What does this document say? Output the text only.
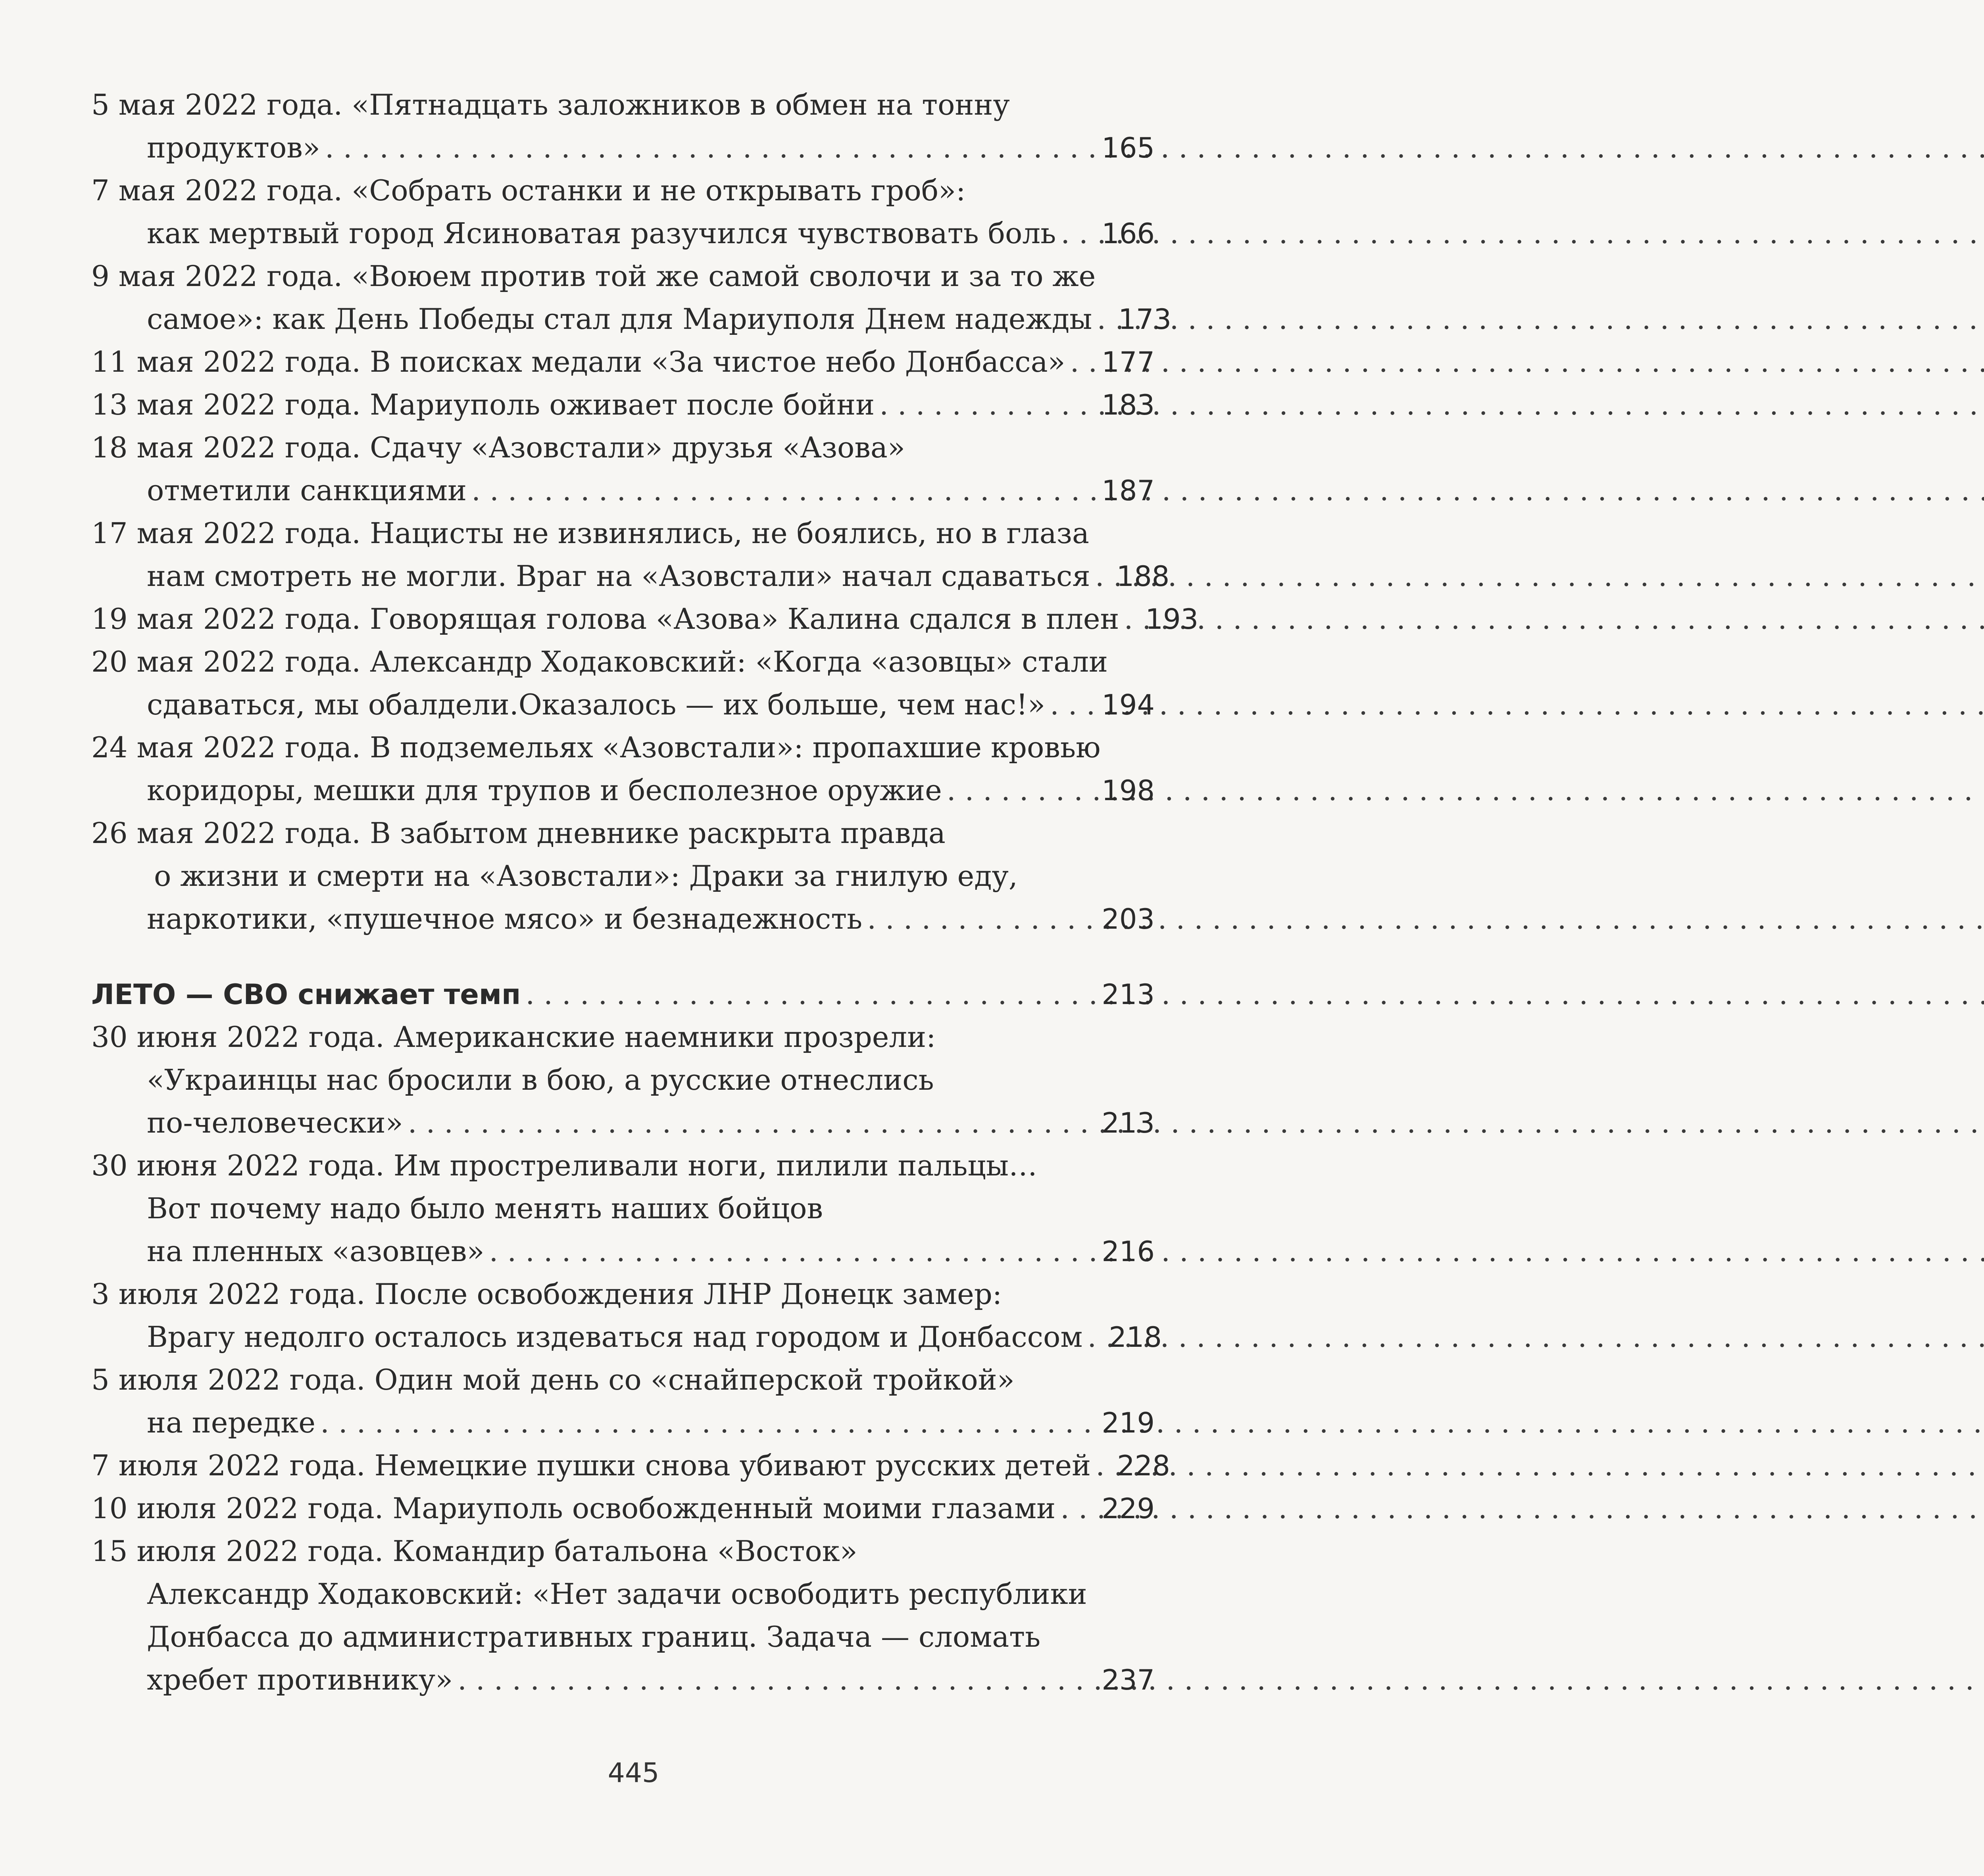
5 мая 2022 года. «Пятнадцать заложников в обмен на тонну
продуктов» . . .	165
7 мая 2022 года. «Собрать останки и не открывать гроб»:
как мертвый город Ясиноватая разучился чувствовать боль . . . 166
9 мая 2022 года. «Воюем против той же самой сволочи и за то же
самое»: как День Победы стал для Мариуполя Днем надежды . . . 173
11 мая 2022 года. В поисках медали «За чистое небо Донбасса» . . . 177
13 мая 2022 года. Мариуполь оживает после бойни . . .	183
18 мая 2022 года. Сдачу «Азовстали» друзья «Азова»
отметили санкциями . . .	187
17 мая 2022 года. Нацисты не извинялись, не боялись, но в глаза
нам смотреть не могли. Враг на «Азовстали» начал сдаваться . . . 188
19 мая 2022 года. Говорящая голова «Азова» Калина сдался в плен . . . 193
20 мая 2022 года. Александр Ходаковский: «Когда «азовцы» стали
сдаваться, мы обалдели.Оказалось — их больше, чем нас!» . . . 194
24 мая 2022 года. В подземельях «Азовстали»: пропахшие кровью
коридоры, мешки для трупов и бесполезное оружие . . .	198
26 мая 2022 года. В забытом дневнике раскрыта правда
о жизни и смерти на «Азовстали»: Драки за гнилую еду,
наркотики, «пушечное мясо» и безнадежность . . .	203
ЛЕТО — СВО снижает темп . . .	213
30 июня 2022 года. Американские наемники прозрели:
«Украинцы нас бросили в бою, а русские отнеслись
по-человечески» . . .	213
30 июня 2022 года. Им простреливали ноги, пилили пальцы…
Вот почему надо было менять наших бойцов
на пленных «азовцев» . . .	216
3 июля 2022 года. После освобождения ЛНР Донецк замер:
Врагу недолго осталось издеваться над городом и Донбассом . . . 218
5 июля 2022 года. Один мой день со «снайперской тройкой»
на передке . . .	219
7 июля 2022 года. Немецкие пушки снова убивают русских детей . . . 228
10 июля 2022 года. Мариуполь освобожденный моими глазами . . . 229
15 июля 2022 года. Командир батальона «Восток»
Александр Ходаковский: «Нет задачи освободить республики
Донбасса до административных границ. Задача — сломать
хребет противнику» . . .	237
445
